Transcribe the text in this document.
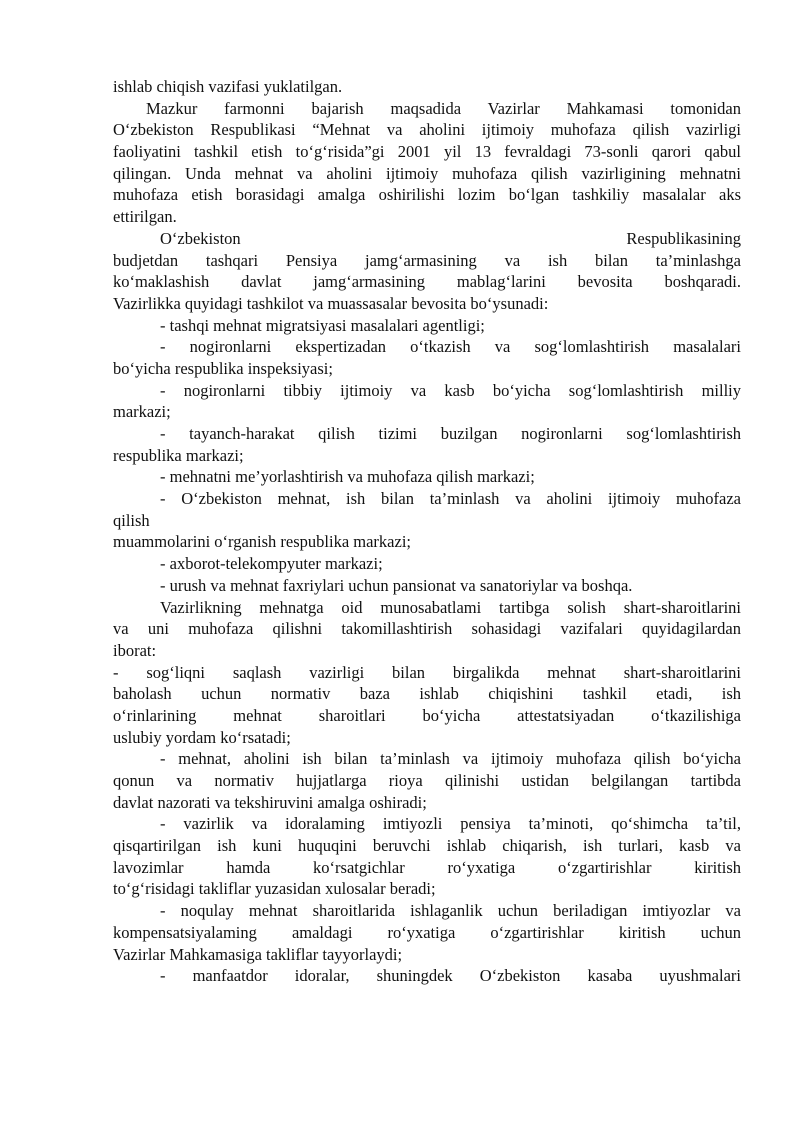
ishlab chiqish vazifasi yuklatilgan.
Mazkur farmonni bajarish maqsadida Vazirlar Mahkamasi tomonidan
O‘zbekiston Respublikasi “Mehnat va aholini ijtimoiy muhofaza qilish vazirligi
faoliyatini tashkil etish to‘g‘risida”gi 2001 yil 13 fevraldagi 73-sonli qarori qabul
qilingan. Unda mehnat va aholini ijtimoiy muhofaza qilish vazirligining mehnatni
muhofaza etish borasidagi amalga oshirilishi lozim bo‘lgan tashkiliy masalalar aks
ettirilgan.
O‘zbekiston Respublikasining
budjetdan tashqari Pensiya jamg‘armasining va ish bilan ta’minlashga
ko‘maklashish davlat jamg‘armasining mablag‘larini bevosita boshqaradi.
Vazirlikka quyidagi tashkilot va muassasalar bevosita bo‘ysunadi:
- tashqi mehnat migratsiyasi masalalari agentligi;
- nogironlarni ekspertizadan o‘tkazish va sog‘lomlashtirish masalalari
bo‘yicha respublika inspeksiyasi;
- nogironlarni tibbiy ijtimoiy va kasb bo‘yicha sog‘lomlashtirish milliy
markazi;
- tayanch-harakat qilish tizimi buzilgan nogironlarni sog‘lomlashtirish
respublika markazi;
- mehnatni me’yorlashtirish va muhofaza qilish markazi;
- O‘zbekiston mehnat, ish bilan ta’minlash va aholini ijtimoiy muhofaza
qilish
muammolarini o‘rganish respublika markazi;
- axborot-telekompyuter markazi;
- urush va mehnat faxriylari uchun pansionat va sanatoriylar va boshqa.
Vazirlikning mehnatga oid munosabatlami tartibga solish shart-sharoitlarini
va uni muhofaza qilishni takomillashtirish sohasidagi vazifalari quyidagilardan
iborat:
- sog‘liqni saqlash vazirligi bilan birgalikda mehnat shart-sharoitlarini
baholash uchun normativ baza ishlab chiqishini tashkil etadi, ish
o‘rinlarining mehnat sharoitlari bo‘yicha attestatsiyadan o‘tkazilishiga
uslubiy yordam ko‘rsatadi;
- mehnat, aholini ish bilan ta’minlash va ijtimoiy muhofaza qilish bo‘yicha
qonun va normativ hujjatlarga rioya qilinishi ustidan belgilangan tartibda
davlat nazorati va tekshiruvini amalga oshiradi;
- vazirlik va idoralaming imtiyozli pensiya ta’minoti, qo‘shimcha ta’til,
qisqartirilgan ish kuni huquqini beruvchi ishlab chiqarish, ish turlari, kasb va
lavozimlar hamda ko‘rsatgichlar ro‘yxatiga o‘zgartirishlar kiritish
to‘g‘risidagi takliflar yuzasidan xulosalar beradi;
- noqulay mehnat sharoitlarida ishlaganlik uchun beriladigan imtiyozlar va
kompensatsiyalaming amaldagi ro‘yxatiga o‘zgartirishlar kiritish uchun
Vazirlar Mahkamasiga takliflar tayyorlaydi;
- manfaatdor idoralar, shuningdek O‘zbekiston kasaba uyushmalari
